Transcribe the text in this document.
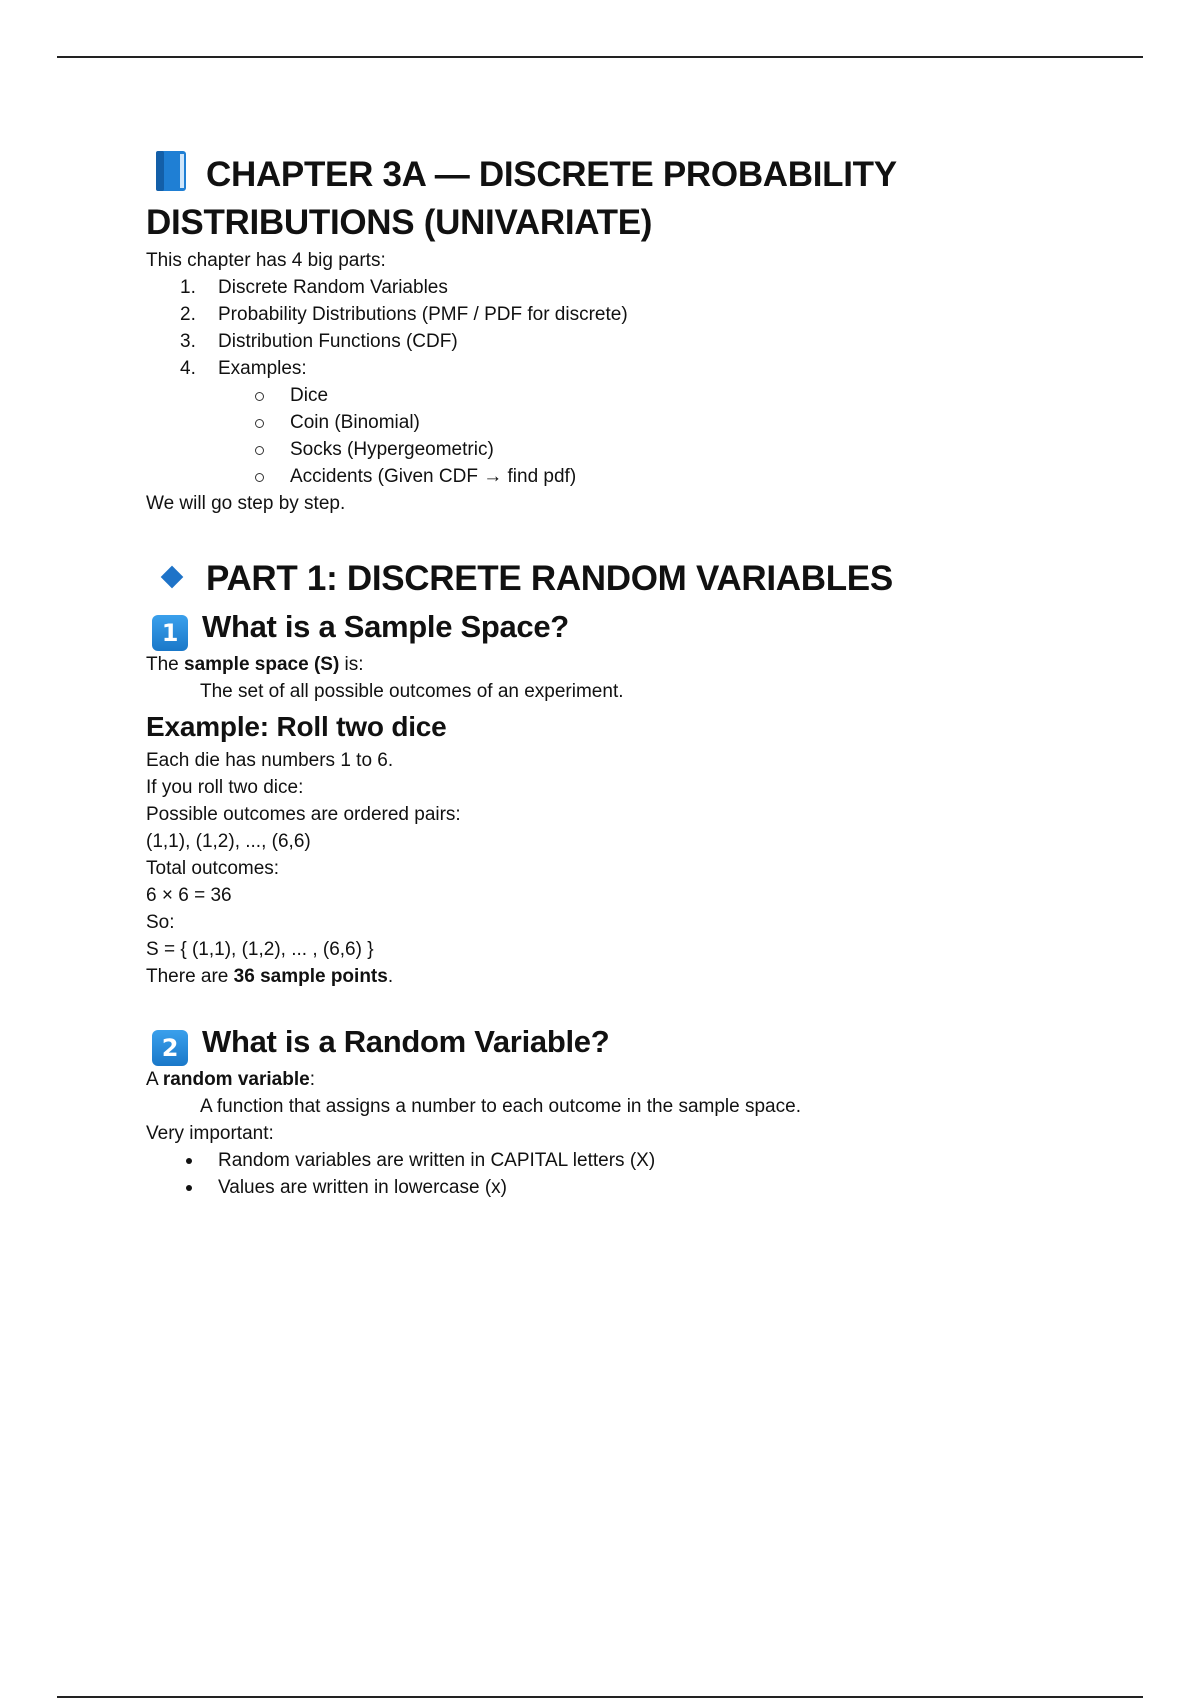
CHAPTER 3A — DISCRETE PROBABILITY
DISTRIBUTIONS (UNIVARIATE)

This chapter has 4 big parts:

1. Discrete Random Variables
2. Probability Distributions (PMF / PDF for discrete)
3. Distribution Functions (CDF)
4. Examples:
Dice
Coin (Binomial)
Socks (Hypergeometric)
Accidents (Given CDF → find pdf)

We will go step by step.

PART 1: DISCRETE RANDOM VARIABLES
1 What is a Sample Space?

The sample space (S) is:

The set of all possible outcomes of an experiment.

Example: Roll two dice

Each die has numbers 1 to 6.

If you roll two dice:

Possible outcomes are ordered pairs:

(1,1), (1,2), ..., (6,6)

Total outcomes:

6 × 6 = 36

So:

S = { (1,1), (1,2), ... , (6,6) }

There are 36 sample points.

2 What is a Random Variable?

A random variable:

A function that assigns a number to each outcome in the sample space.

Very important:

Random variables are written in CAPITAL letters (X)
Values are written in lowercase (x)
